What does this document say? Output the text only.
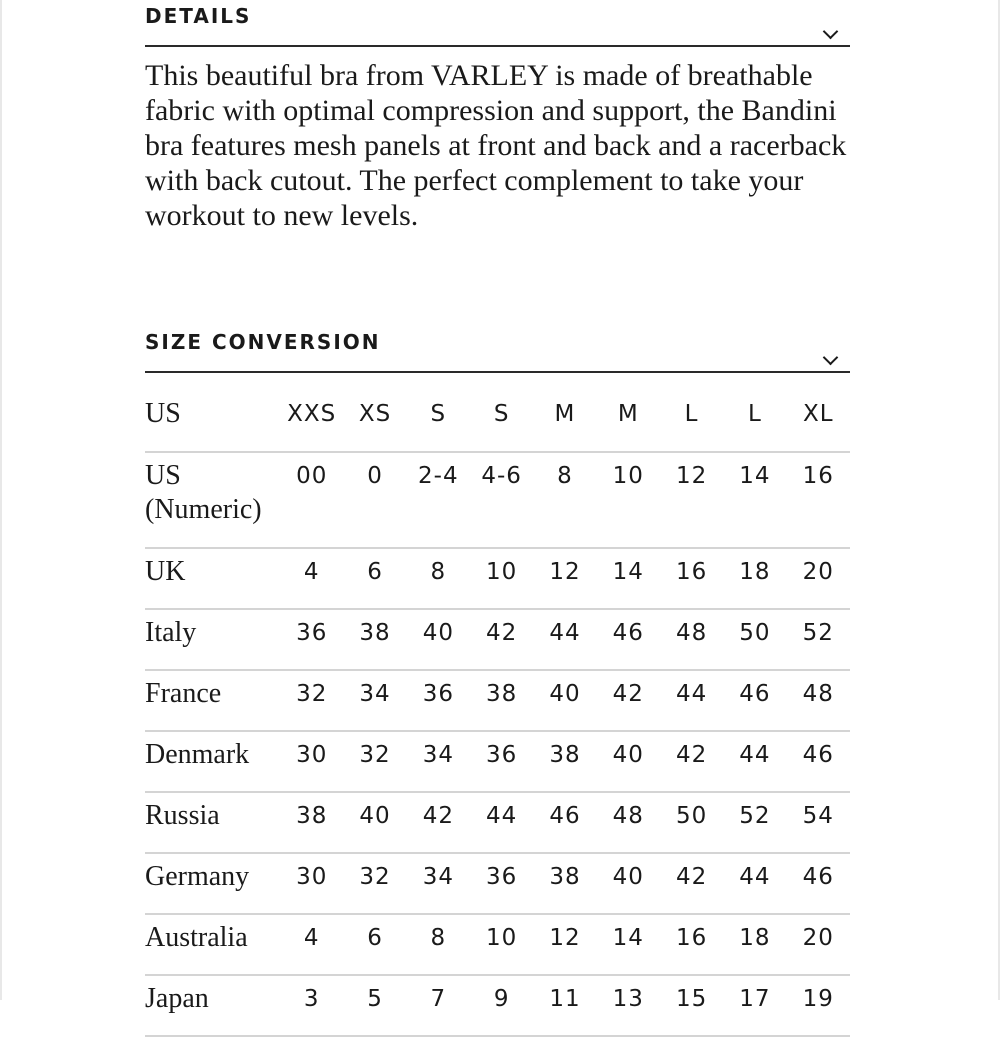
DETAILS

This beautiful bra from VARLEY is made of breathable fabric with optimal compression and support, the Bandini bra features mesh panels at front and back and a racerback with back cutout. The perfect complement to take your workout to new levels.

SIZE CONVERSION
US	XXS	XS	S	S	M	M	L	L	XL
US (Numeric)	00	0	2-4	4-6	8	10	12	14	16
UK	4	6	8	10	12	14	16	18	20
Italy	36	38	40	42	44	46	48	50	52
France	32	34	36	38	40	42	44	46	48
Denmark	30	32	34	36	38	40	42	44	46
Russia	38	40	42	44	46	48	50	52	54
Germany	30	32	34	36	38	40	42	44	46
Australia	4	6	8	10	12	14	16	18	20
Japan	3	5	7	9	11	13	15	17	19
